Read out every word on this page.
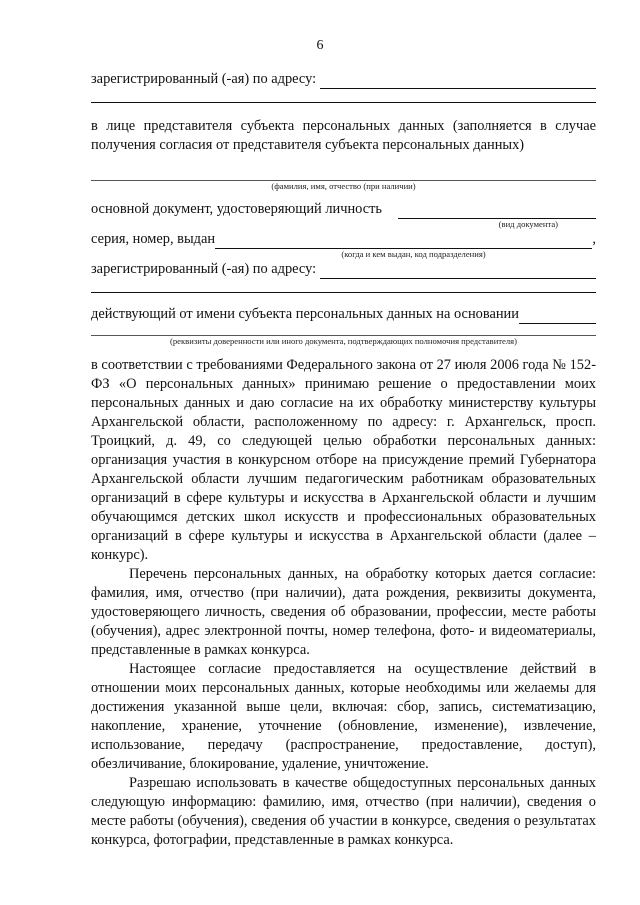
6
зарегистрированный (-ая) по адресу:
в лице представителя субъекта персональных данных (заполняется в случае получения согласия от представителя субъекта персональных данных)
(фамилия, имя, отчество (при наличии)
основной документ, удостоверяющий личность
(вид документа)
серия, номер, выдан	,
(когда и кем выдан, код подразделения)
зарегистрированный (-ая) по адресу:
действующий от имени субъекта персональных данных на основании
(реквизиты доверенности или иного документа, подтверждающих полномочия представителя)

в соответствии с требованиями Федерального закона от 27 июля 2006 года № 152-ФЗ «О персональных данных» принимаю решение о предоставлении моих персональных данных и даю согласие на их обработку министерству культуры Архангельской области, расположенному по адресу: г. Архангельск, просп. Троицкий, д. 49, со следующей целью обработки персональных данных: организация участия в конкурсном отборе на присуждение премий Губернатора Архангельской области лучшим педагогическим работникам образовательных организаций в сфере культуры и искусства в Архангельской области и лучшим обучающимся детских школ искусств и профессиональных образовательных организаций в сфере культуры и искусства в Архангельской области (далее – конкурс).

Перечень персональных данных, на обработку которых дается согласие: фамилия, имя, отчество (при наличии), дата рождения, реквизиты документа, удостоверяющего личность, сведения об образовании, профессии, месте работы (обучения), адрес электронной почты, номер телефона, фото- и видеоматериалы, представленные в рамках конкурса.

Настоящее согласие предоставляется на осуществление действий в отношении моих персональных данных, которые необходимы или желаемы для достижения указанной выше цели, включая: сбор, запись, систематизацию, накопление, хранение, уточнение (обновление, изменение), извлечение, использование, передачу (распространение, предоставление, доступ), обезличивание, блокирование, удаление, уничтожение.

Разрешаю использовать в качестве общедоступных персональных данных следующую информацию: фамилию, имя, отчество (при наличии), сведения о месте работы (обучения), сведения об участии в конкурсе, сведения о результатах конкурса, фотографии, представленные в рамках конкурса.
